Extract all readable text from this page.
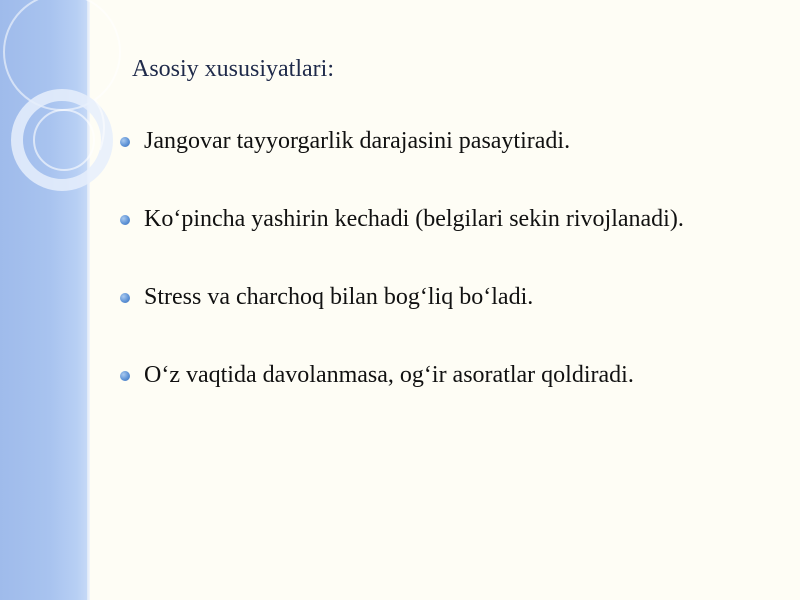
Asosiy xususiyatlari:
Jangovar tayyorgarlik darajasini pasaytiradi.
Ko‘pincha yashirin kechadi (belgilari sekin rivojlanadi).
Stress va charchoq bilan bog‘liq bo‘ladi.
O‘z vaqtida davolanmasa, og‘ir asoratlar qoldiradi.
